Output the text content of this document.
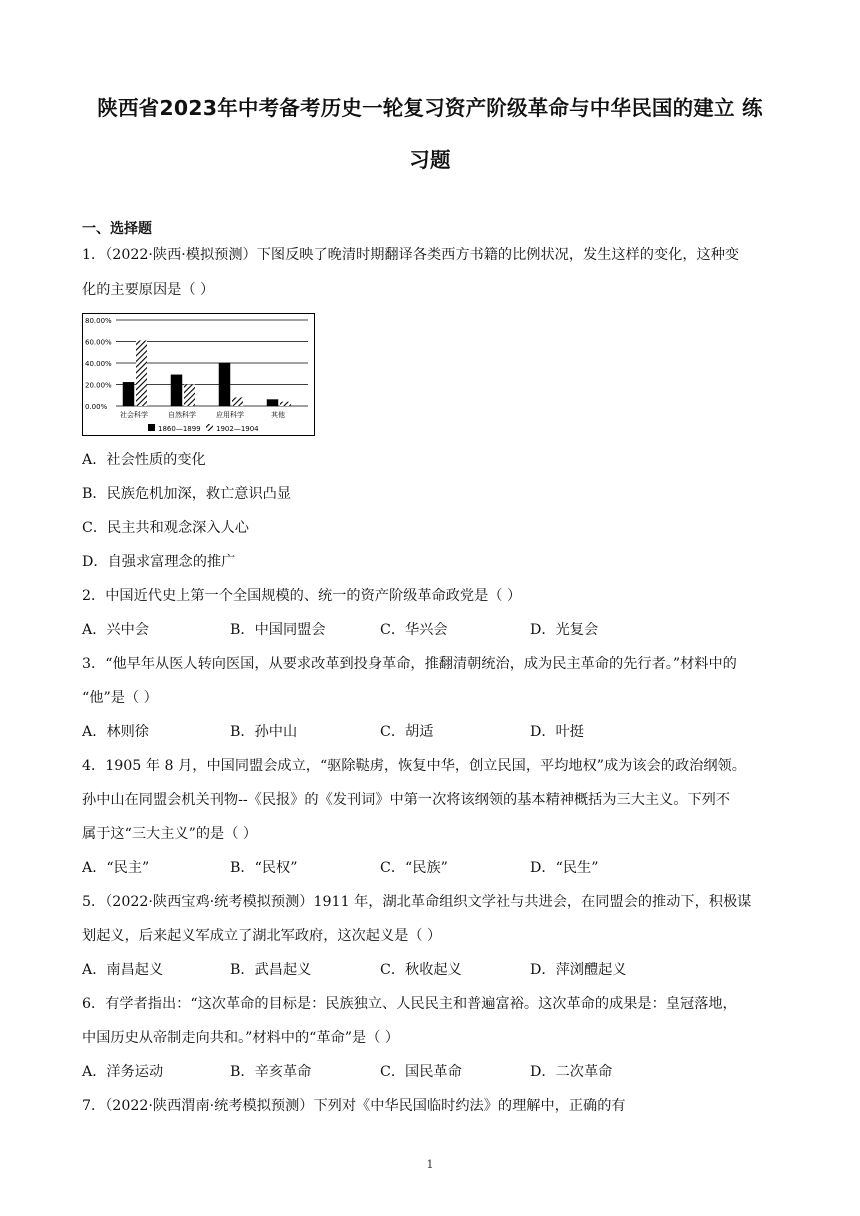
陕西省2023年中考备考历史一轮复习资产阶级革命与中华民国的建立 练
习题
一、选择题
1．（2022·陕西·模拟预测）下图反映了晚清时期翻译各类西方书籍的比例状况，发生这样的变化，这种变
化的主要原因是（ ）
80.00%
60.00%
40.00%
20.00%
0.00%
社会科学	自然科学	应用科学	其他
1860—1899 1902—1904
A．社会性质的变化
B．民族危机加深，救亡意识凸显
C．民主共和观念深入人心
D．自强求富理念的推广
2．中国近代史上第一个全国规模的、统一的资产阶级革命政党是（ ）
A．兴中会	B．中国同盟会	C．华兴会	D．光复会
3．“他早年从医人转向医国，从要求改革到投身革命，推翻清朝统治，成为民主革命的先行者。”材料中的
“他”是（ ）
A．林则徐	B．孙中山	C．胡适	D．叶挺
4．1905 年 8 月，中国同盟会成立，“驱除鞑虏，恢复中华，创立民国，平均地权”成为该会的政治纲领。
孙中山在同盟会机关刊物--《民报》的《发刊词》中第一次将该纲领的基本精神概括为三大主义。下列不
属于这“三大主义”的是（ ）
A．“民主”	B．“民权”	C．“民族”	D．“民生”
5．（2022·陕西宝鸡·统考模拟预测）1911 年，湖北革命组织文学社与共进会，在同盟会的推动下，积极谋
划起义，后来起义军成立了湖北军政府，这次起义是（ ）
A．南昌起义	B．武昌起义	C．秋收起义	D．萍浏醴起义
6．有学者指出：“这次革命的目标是：民族独立、人民民主和普遍富裕。这次革命的成果是：皇冠落地，
中国历史从帝制走向共和。”材料中的“革命”是（ ）
A．洋务运动	B．辛亥革命	C．国民革命	D．二次革命
7．（2022·陕西渭南·统考模拟预测）下列对《中华民国临时约法》的理解中，正确的有
1
